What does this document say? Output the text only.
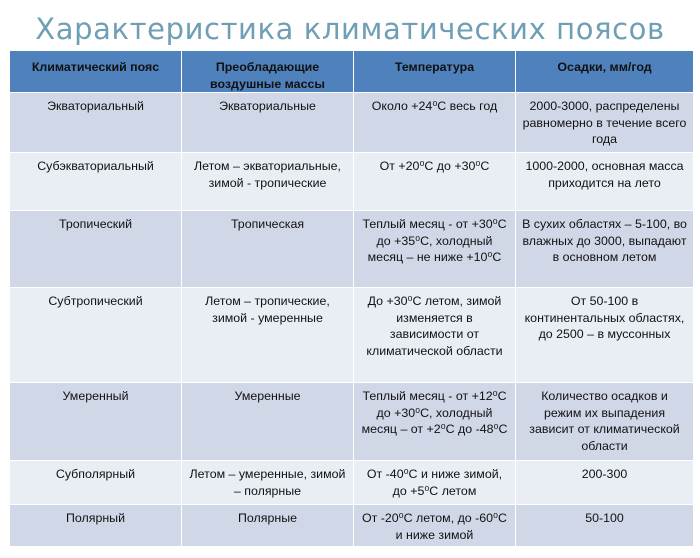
Характеристика климатических поясов
Климатический пояс	Преобладающие воздушные массы	Температура	Осадки, мм/год
Экваториальный	Экваториальные	Около +24⁰С весь год	2000-3000, распределены равномерно в течение всего года
Субэкваториальный	Летом – экваториальные, зимой - тропические	От +20⁰С до +30⁰С	1000-2000, основная масса приходится на лето
Тропический	Тропическая	Теплый месяц - от +30⁰С до +35⁰С, холодный месяц – не ниже +10⁰С	В сухих областях – 5-100, во влажных до 3000, выпадают в основном летом
Субтропический	Летом – тропические, зимой - умеренные	До +30⁰С летом, зимой изменяется в зависимости от климатической области	От 50-100 в континентальных областях, до 2500 – в муссонных
Умеренный	Умеренные	Теплый месяц - от +12⁰С до +30⁰С, холодный месяц – от +2⁰С до -48⁰С	Количество осадков и режим их выпадения зависит от климатической области
Субполярный	Летом – умеренные, зимой – полярные	От -40⁰С и ниже зимой, до +5⁰С летом	200-300
Полярный	Полярные	От -20⁰С летом, до -60⁰С и ниже зимой	50-100
